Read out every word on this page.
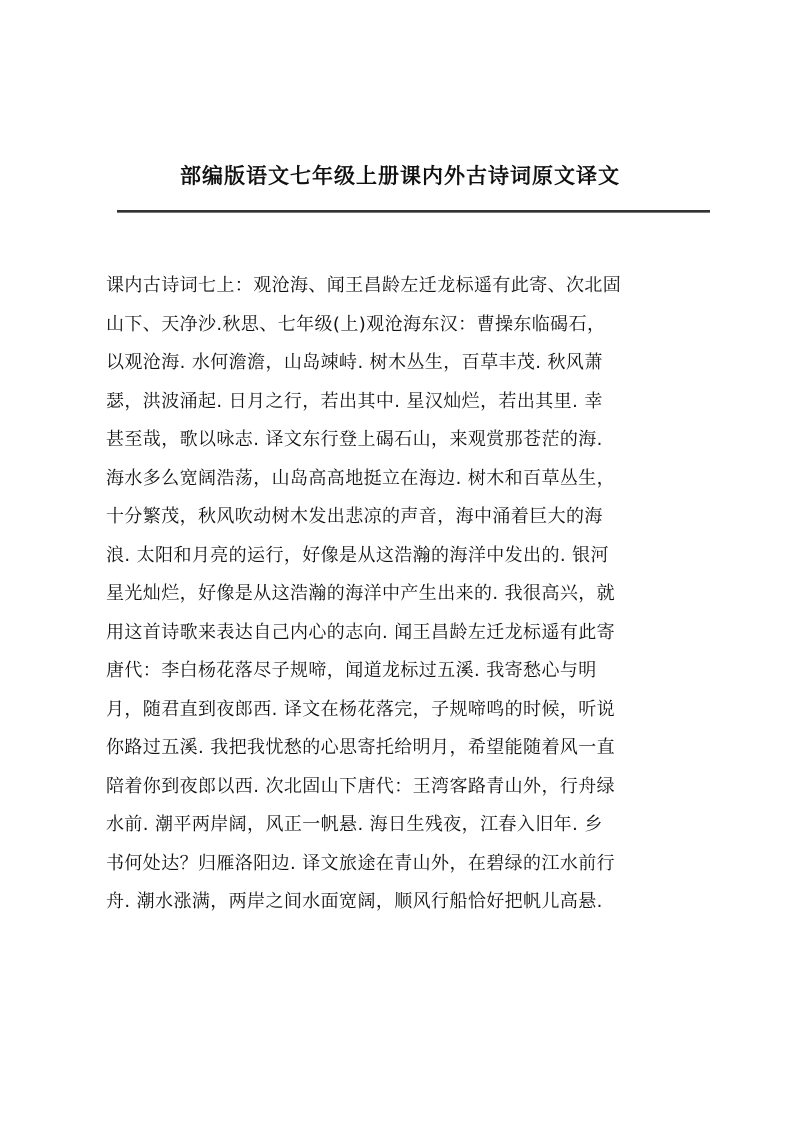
部编版语文七年级上册课内外古诗词原文译文
课内古诗词七上：观沧海、闻王昌龄左迁龙标遥有此寄、次北固
山下、天净沙.秋思、七年级(上)观沧海东汉：曹操东临碣石，
以观沧海. 水何澹澹，山岛竦峙. 树木丛生，百草丰茂. 秋风萧
瑟，洪波涌起. 日月之行，若出其中. 星汉灿烂，若出其里. 幸
甚至哉，歌以咏志. 译文东行登上碣石山，来观赏那苍茫的海.
海水多么宽阔浩荡，山岛高高地挺立在海边. 树木和百草丛生，
十分繁茂，秋风吹动树木发出悲凉的声音，海中涌着巨大的海
浪. 太阳和月亮的运行，好像是从这浩瀚的海洋中发出的. 银河
星光灿烂，好像是从这浩瀚的海洋中产生出来的. 我很高兴，就
用这首诗歌来表达自己内心的志向. 闻王昌龄左迁龙标遥有此寄
唐代：李白杨花落尽子规啼，闻道龙标过五溪. 我寄愁心与明
月，随君直到夜郎西. 译文在杨花落完，子规啼鸣的时候，听说
你路过五溪. 我把我忧愁的心思寄托给明月，希望能随着风一直
陪着你到夜郎以西. 次北固山下唐代：王湾客路青山外，行舟绿
水前. 潮平两岸阔，风正一帆悬. 海日生残夜，江春入旧年. 乡
书何处达？归雁洛阳边. 译文旅途在青山外，在碧绿的江水前行
舟. 潮水涨满，两岸之间水面宽阔，顺风行船恰好把帆儿高悬.
